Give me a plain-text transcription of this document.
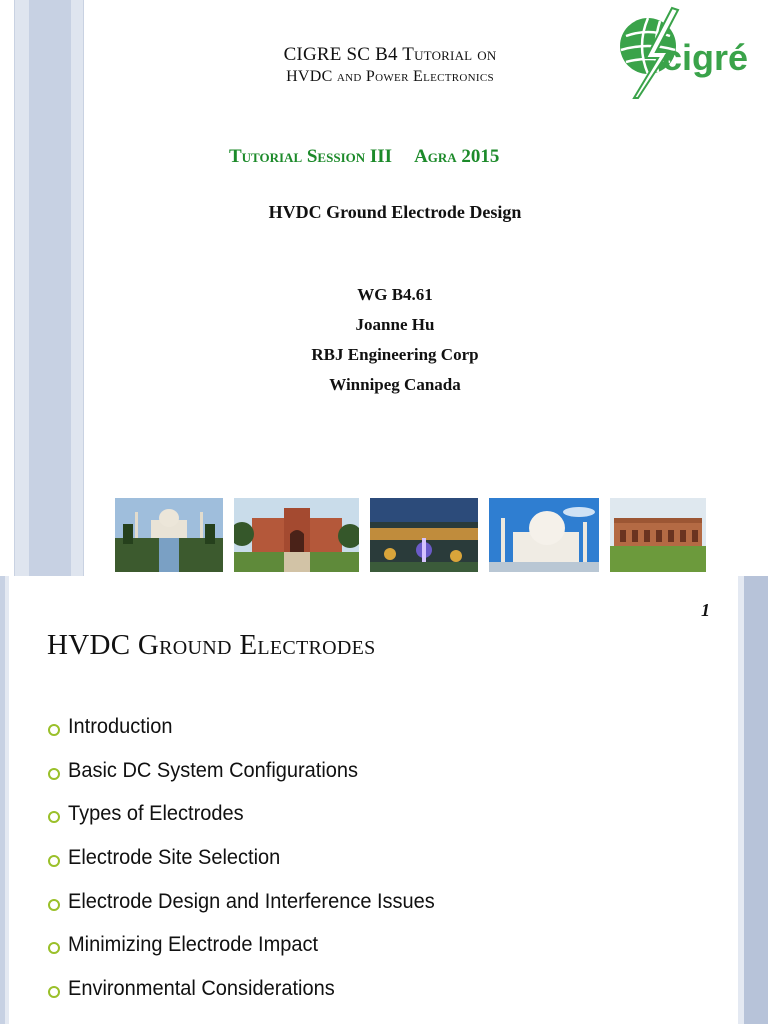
CIGRE SC B4 Tutorial on
HVDC and Power Electronics	cigré
Tutorial Session III Agra 2015
HVDC Ground Electrode Design
WG B4.61
Joanne Hu
RBJ Engineering Corp
Winnipeg Canada
1
HVDC Ground Electrodes
Introduction
Basic DC System Configurations
Types of Electrodes
Electrode Site Selection
Electrode Design and Interference Issues
Minimizing Electrode Impact
Environmental Considerations
